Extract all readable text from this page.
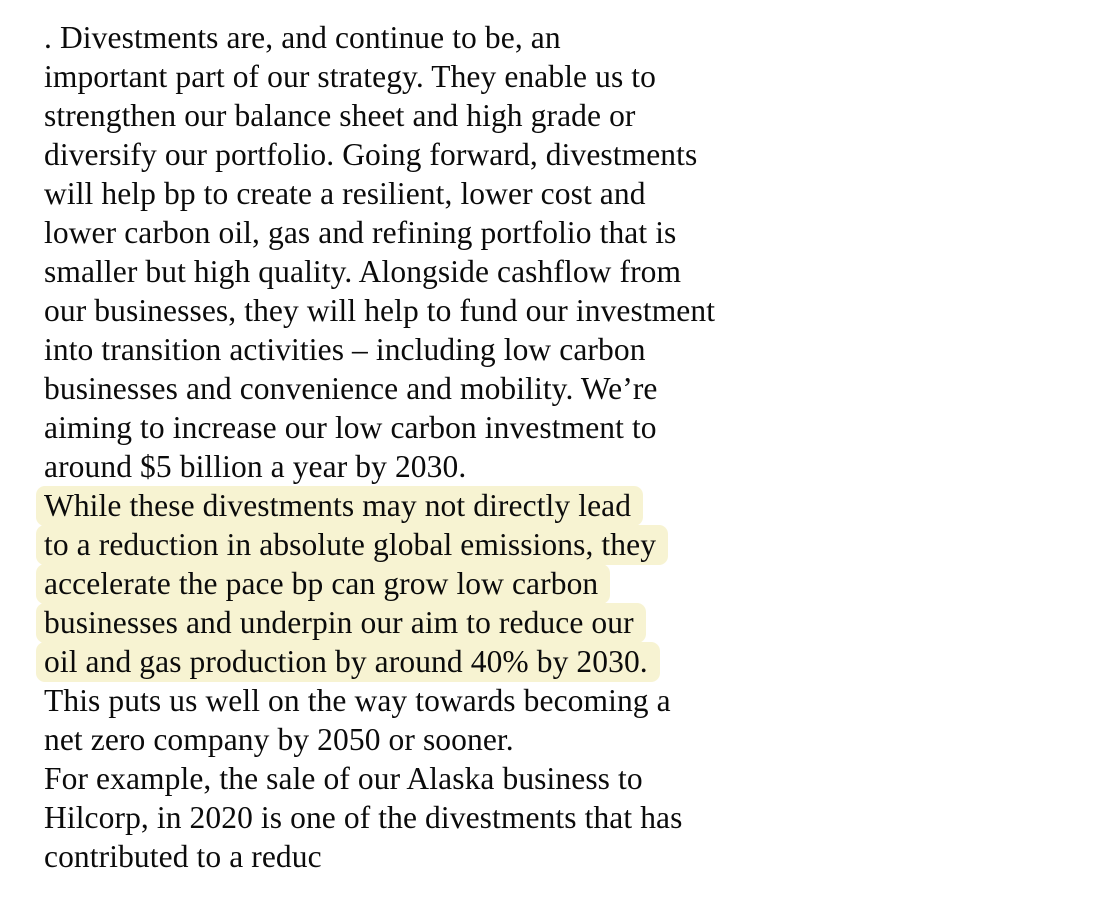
. Divestments are, and continue to be, an
important part of our strategy. They enable us to
strengthen our balance sheet and high grade or
diversify our portfolio. Going forward, divestments
will help bp to create a resilient, lower cost and
lower carbon oil, gas and refining portfolio that is
smaller but high quality. Alongside cashflow from
our businesses, they will help to fund our investment
into transition activities – including low carbon
businesses and convenience and mobility. We’re
aiming to increase our low carbon investment to
around $5 billion a year by 2030.
While these divestments may not directly lead
to a reduction in absolute global emissions, they
accelerate the pace bp can grow low carbon
businesses and underpin our aim to reduce our
oil and gas production by around 40% by 2030.
This puts us well on the way towards becoming a
net zero company by 2050 or sooner.
For example, the sale of our Alaska business to
Hilcorp, in 2020 is one of the divestments that has
contributed to a reduc
